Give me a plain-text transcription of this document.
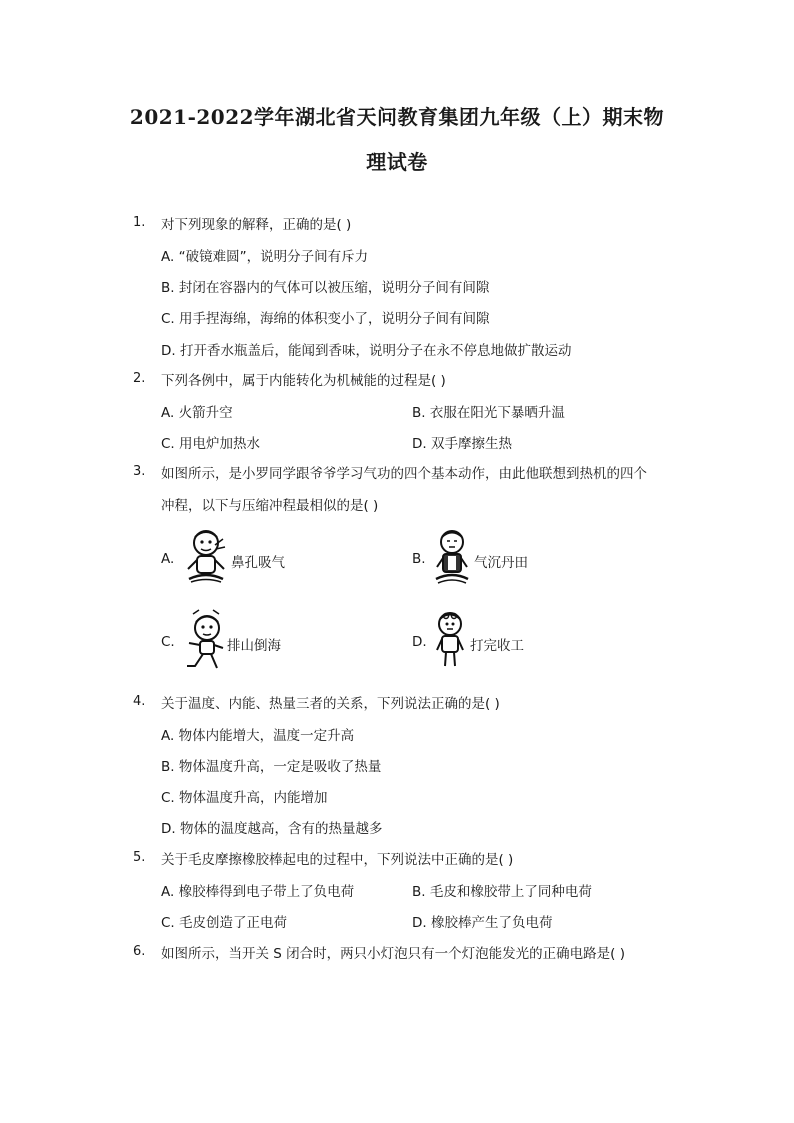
2021-2022学年湖北省天问教育集团九年级（上）期末物
理试卷
1. 对下列现象的解释，正确的是( )
A. “破镜难圆”，说明分子间有斥力
B. 封闭在容器内的气体可以被压缩，说明分子间有间隙
C. 用手捏海绵，海绵的体积变小了，说明分子间有间隙
D. 打开香水瓶盖后，能闻到香味，说明分子在永不停息地做扩散运动
2. 下列各例中，属于内能转化为机械能的过程是( )
A. 火箭升空	B. 衣服在阳光下暴晒升温
C. 用电炉加热水	D. 双手摩擦生热
3. 如图所示，是小罗同学跟爷爷学习气功的四个基本动作，由此他联想到热机的四个
冲程，以下与压缩冲程最相似的是( )
A.	鼻孔吸气	B.	气沉丹田
C.	排山倒海	D.	打完收工
4. 关于温度、内能、热量三者的关系，下列说法正确的是( )
A. 物体内能增大，温度一定升高
B. 物体温度升高，一定是吸收了热量
C. 物体温度升高，内能增加
D. 物体的温度越高，含有的热量越多
5. 关于毛皮摩擦橡胶棒起电的过程中，下列说法中正确的是( )
A. 橡胶棒得到电子带上了负电荷	B. 毛皮和橡胶带上了同种电荷
C. 毛皮创造了正电荷	D. 橡胶棒产生了负电荷
6. 如图所示，当开关 S 闭合时，两只小灯泡只有一个灯泡能发光的正确电路是( )
